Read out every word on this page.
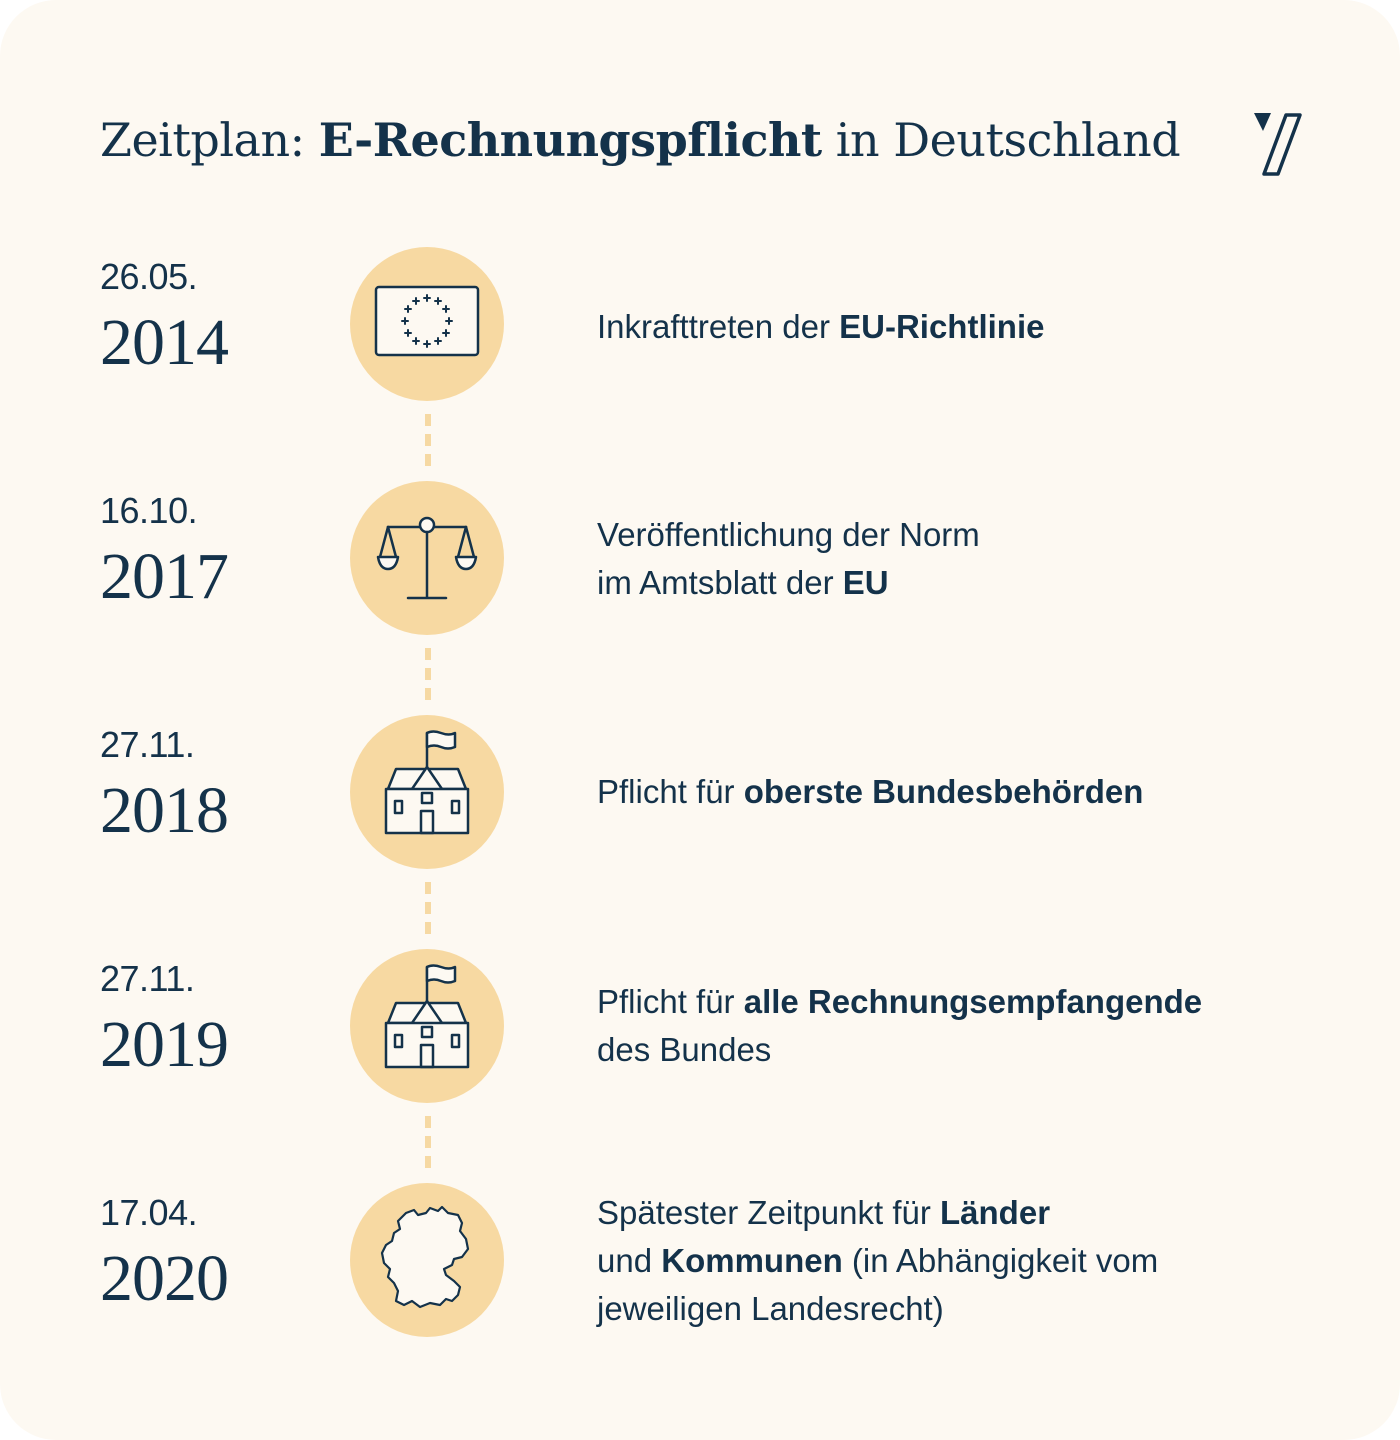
Zeitplan: E-Rechnungspflicht in Deutschland
26.05.
2014	Inkrafttreten der EU-Richtlinie
16.10.
2017
Veröffentlichung der Norm
im Amtsblatt der EU
27.11.
2018	Pflicht für oberste Bundesbehörden
27.11.
2019
Pflicht für alle Rechnungsempfangende
des Bundes
17.04.
2020
Spätester Zeitpunkt für Länder
und Kommunen (in Abhängigkeit vom
jeweiligen Landesrecht)
